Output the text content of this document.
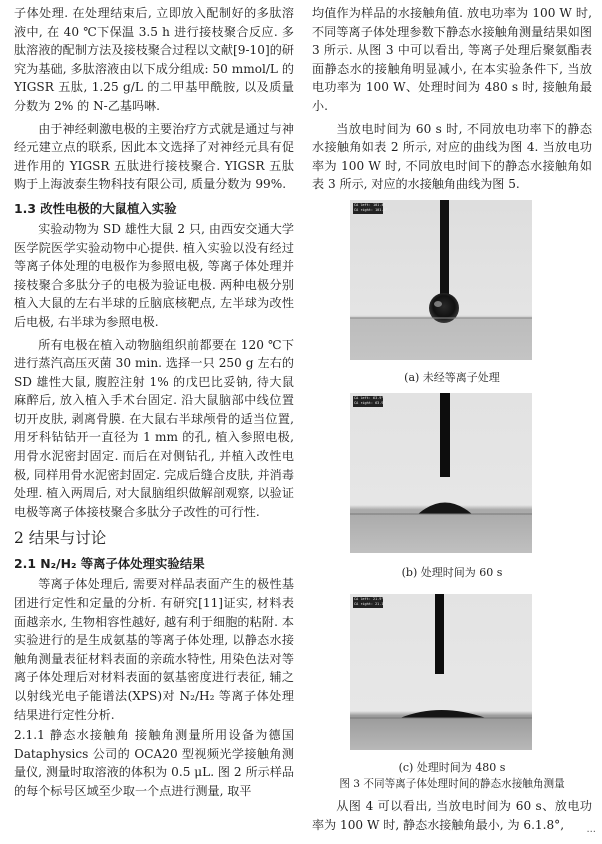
子体处理. 在处理结束后, 立即放入配制好的多肽溶液中, 在 40 ℃下保温 3.5 h 进行接枝聚合反应. 多肽溶液的配制方法及接枝聚合过程以文献[9-10]的研究为基础, 多肽溶液由以下成分组成: 50 mmol/L 的 YIGSR 五肽, 1.25 g/L 的二甲基甲酰胺, 以及质量分数为 2% 的 N-乙基吗啉.

由于神经刺激电极的主要治疗方式就是通过与神经元建立点的联系, 因此本文选择了对神经元具有促进作用的 YIGSR 五肽进行接枝聚合. YIGSR 五肽购于上海波泰生物科技有限公司, 质量分数为 99%.

1.3 改性电极的大鼠植入实验

实验动物为 SD 雄性大鼠 2 只, 由西安交通大学医学院医学实验动物中心提供. 植入实验以没有经过等离子体处理的电极作为参照电极, 等离子体处理并接枝聚合多肽分子的电极为验证电极. 两种电极分别植入大鼠的左右半球的丘脑底核靶点, 左半球为改性后电极, 右半球为参照电极.

所有电极在植入动物脑组织前都要在 120 ℃下进行蒸汽高压灭菌 30 min. 选择一只 250 g 左右的 SD 雄性大鼠, 腹腔注射 1% 的戊巴比妥钠, 待大鼠麻醉后, 放入植入手术台固定. 沿大鼠脑部中线位置切开皮肤, 剥离骨膜. 在大鼠右半球颅骨的适当位置, 用牙科钻钻开一直径为 1 mm 的孔, 植入参照电极, 用骨水泥密封固定. 而后在对侧钻孔, 并植入改性电极, 同样用骨水泥密封固定. 完成后缝合皮肤, 并消毒处理. 植入两周后, 对大鼠脑组织做解剖观察, 以验证电极等离子体接枝聚合多肽分子改性的可行性.

2 结果与讨论
2.1 N₂/H₂ 等离子体处理实验结果

等离子体处理后, 需要对样品表面产生的极性基团进行定性和定量的分析. 有研究[11]证实, 材料表面越亲水, 生物相容性越好, 越有利于细胞的粘附. 本实验进行的是生成氨基的等离子体处理, 以静态水接触角测量表征材料表面的亲疏水特性, 用染色法对等离子体处理后对材料表面的氨基密度进行表征, 辅之以射线光电子能谱法(XPS)对 N₂/H₂ 等离子体处理结果进行定性分析.

2.1.1 静态水接触角 接触角测量所用设备为德国 Dataphysics 公司的 OCA20 型视频光学接触角测量仪, 测量时取溶液的体积为 0.5 μL. 图 2 所示样品的每个标号区域至少取一个点进行测量, 取平

均值作为样品的水接触角值. 放电功率为 100 W 时, 不同等离子体处理参数下静态水接触角测量结果如图 3 所示. 从图 3 中可以看出, 等离子处理后聚氨酯表面静态水的接触角明显减小, 在本实验条件下, 当放电功率为 100 W、处理时间为 480 s 时, 接触角最小.

当放电时间为 60 s 时, 不同放电功率下的静态水接触角如表 2 所示, 对应的曲线为图 4. 当放电功率为 100 W 时, 不同放电时间下的静态水接触角如表 3 所示, 对应的水接触角曲线为图 5.

CA left: 101.4°
CA right: 101.4°
(a) 未经等离子处理
CA left: 63.9°
CA right: 63.9°
(b) 处理时间为 60 s
CA left: 21.9°
CA right: 21.1°
(c) 处理时间为 480 s
图 3 不同等离子体处理时间的静态水接触角测量

从图 4 可以看出, 当放电时间为 60 s、放电功率为 100 W 时, 静态水接触角最小, 为 6.1.8°,

···
